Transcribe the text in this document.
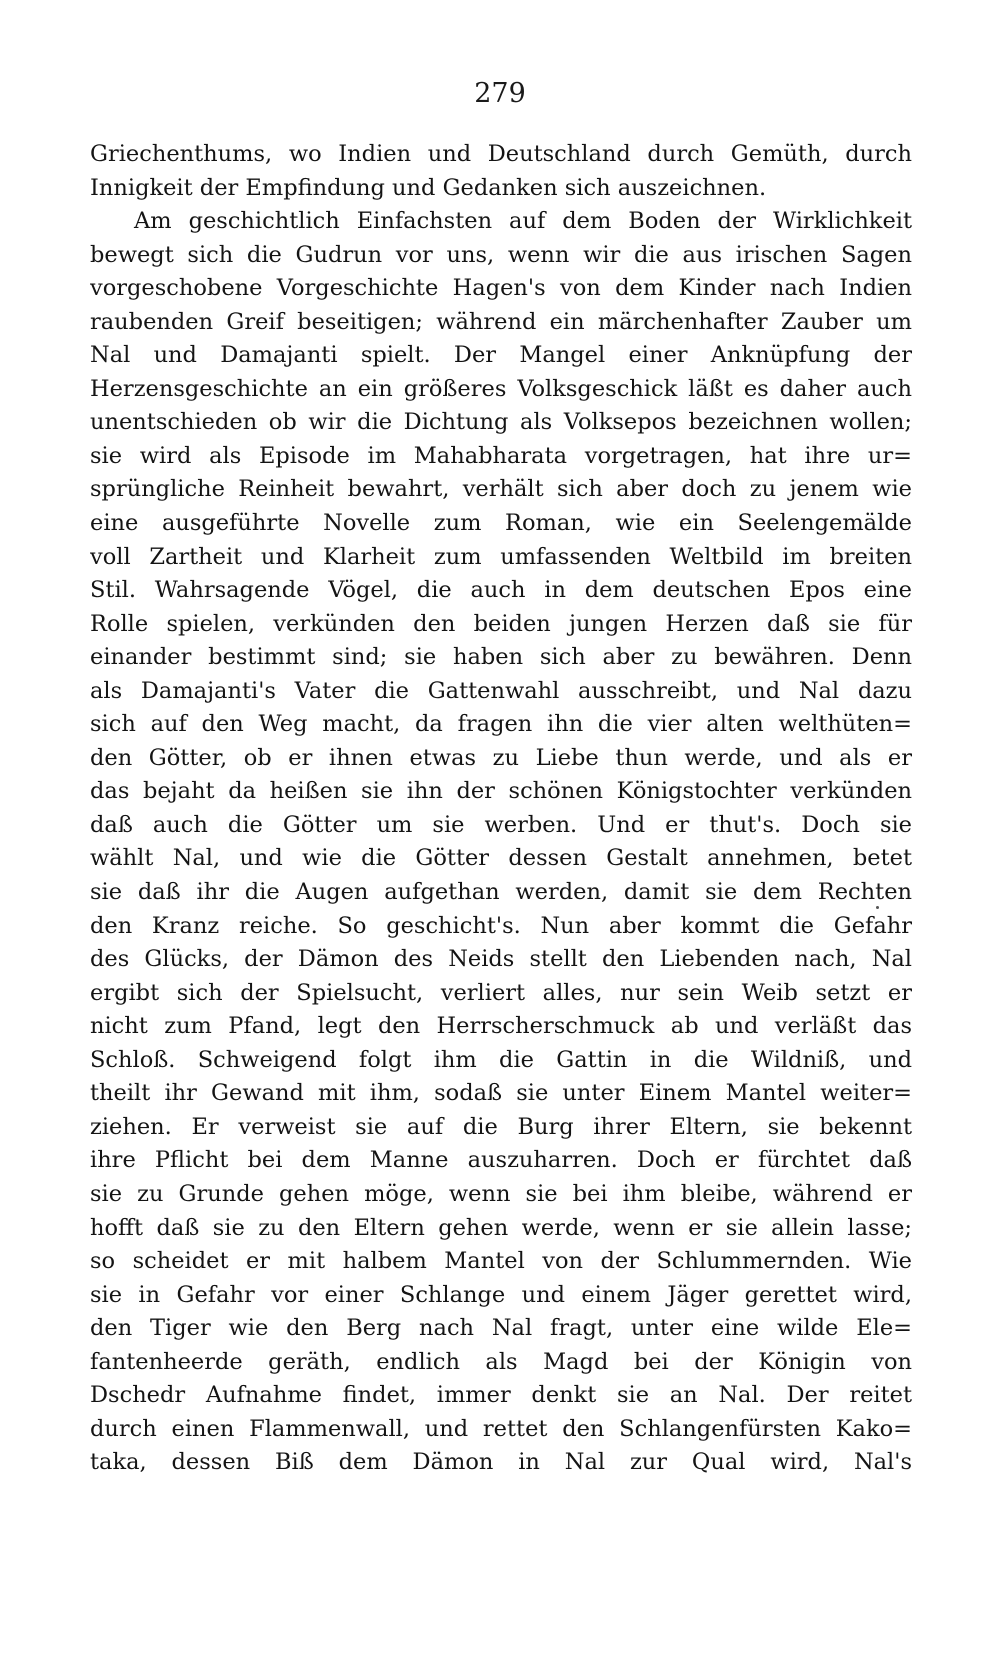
279
Griechenthums, wo Indien und Deutschland durch Gemüth, durch
Innigkeit der Empfindung und Gedanken sich auszeichnen.
Am geschichtlich Einfachsten auf dem Boden der Wirklichkeit
bewegt sich die Gudrun vor uns, wenn wir die aus irischen Sagen
vorgeschobene Vorgeschichte Hagen's von dem Kinder nach Indien
raubenden Greif beseitigen; während ein märchenhafter Zauber um
Nal und Damajanti spielt. Der Mangel einer Anknüpfung der
Herzensgeschichte an ein größeres Volksgeschick läßt es daher auch
unentschieden ob wir die Dichtung als Volksepos bezeichnen wollen;
sie wird als Episode im Mahabharata vorgetragen, hat ihre ur=
sprüngliche Reinheit bewahrt, verhält sich aber doch zu jenem wie
eine ausgeführte Novelle zum Roman, wie ein Seelengemälde
voll Zartheit und Klarheit zum umfassenden Weltbild im breiten
Stil. Wahrsagende Vögel, die auch in dem deutschen Epos eine
Rolle spielen, verkünden den beiden jungen Herzen daß sie für
einander bestimmt sind; sie haben sich aber zu bewähren. Denn
als Damajanti's Vater die Gattenwahl ausschreibt, und Nal dazu
sich auf den Weg macht, da fragen ihn die vier alten welthüten=
den Götter, ob er ihnen etwas zu Liebe thun werde, und als er
das bejaht da heißen sie ihn der schönen Königstochter verkünden
daß auch die Götter um sie werben. Und er thut's. Doch sie
wählt Nal, und wie die Götter dessen Gestalt annehmen, betet
sie daß ihr die Augen aufgethan werden, damit sie dem Rechten
den Kranz reiche. So geschicht's. Nun aber kommt die Gefahr
des Glücks, der Dämon des Neids stellt den Liebenden nach, Nal
ergibt sich der Spielsucht, verliert alles, nur sein Weib setzt er
nicht zum Pfand, legt den Herrscherschmuck ab und verläßt das
Schloß. Schweigend folgt ihm die Gattin in die Wildniß, und
theilt ihr Gewand mit ihm, sodaß sie unter Einem Mantel weiter=
ziehen. Er verweist sie auf die Burg ihrer Eltern, sie bekennt
ihre Pflicht bei dem Manne auszuharren. Doch er fürchtet daß
sie zu Grunde gehen möge, wenn sie bei ihm bleibe, während er
hofft daß sie zu den Eltern gehen werde, wenn er sie allein lasse;
so scheidet er mit halbem Mantel von der Schlummernden. Wie
sie in Gefahr vor einer Schlange und einem Jäger gerettet wird,
den Tiger wie den Berg nach Nal fragt, unter eine wilde Ele=
fantenheerde geräth, endlich als Magd bei der Königin von
Dschedr Aufnahme findet, immer denkt sie an Nal. Der reitet
durch einen Flammenwall, und rettet den Schlangenfürsten Kako=
taka, dessen Biß dem Dämon in Nal zur Qual wird, Nal's
